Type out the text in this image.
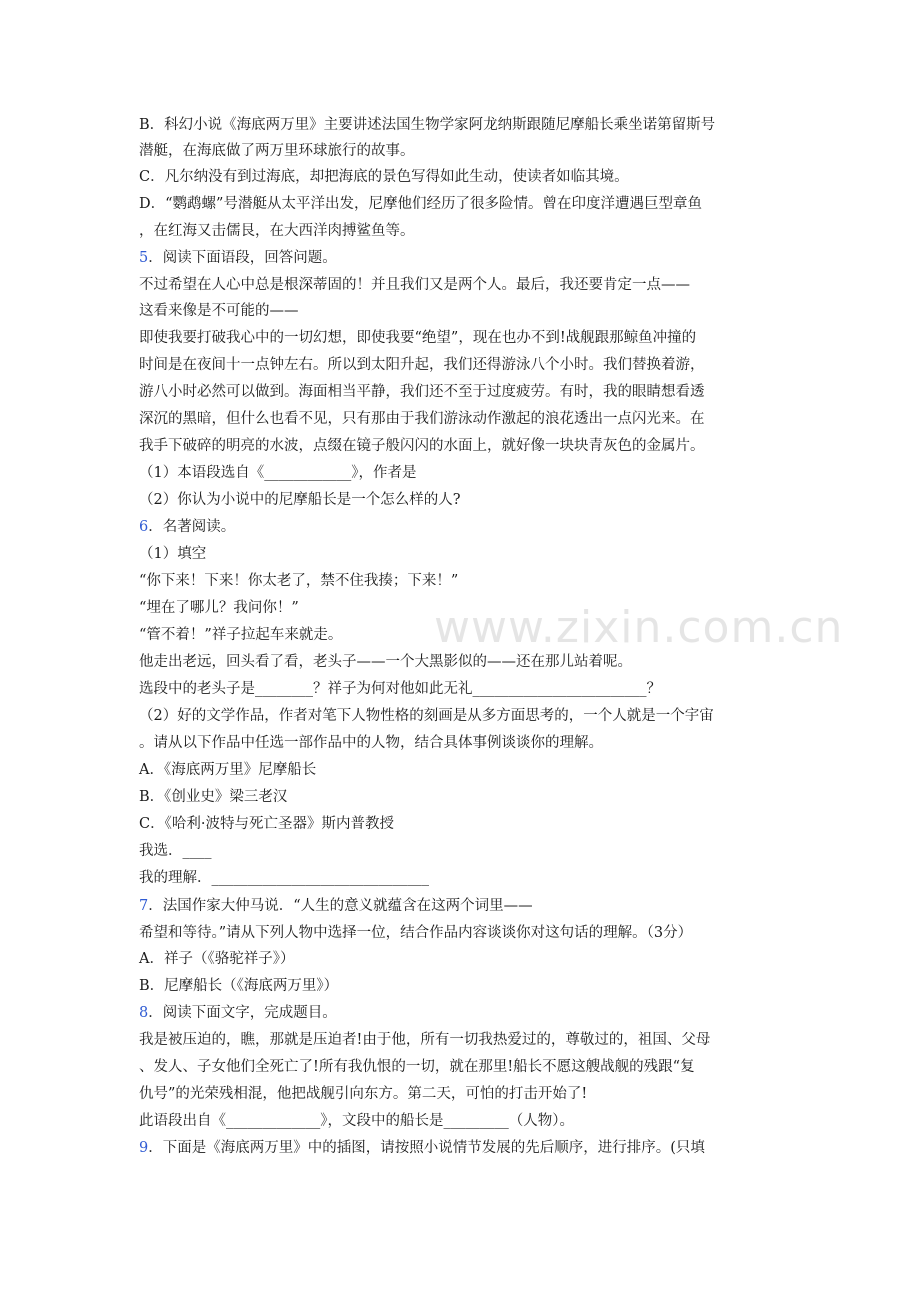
www.zixin.com.cn
B．科幻小说《海底两万里》主要讲述法国生物学家阿龙纳斯跟随尼摩船长乘坐诺第留斯号
潜艇，在海底做了两万里环球旅行的故事。
C．凡尔纳没有到过海底，却把海底的景色写得如此生动，使读者如临其境。
D．“鹦鹉螺”号潜艇从太平洋出发，尼摩他们经历了很多险情。曾在印度洋遭遇巨型章鱼
，在红海又击儒艮，在大西洋肉搏鲨鱼等。
5．阅读下面语段，回答问题。
不过希望在人心中总是根深蒂固的！并且我们又是两个人。最后，我还要肯定一点——
这看来像是不可能的——
即使我要打破我心中的一切幻想，即使我要“绝望”，现在也办不到!战舰跟那鲸鱼冲撞的
时间是在夜间十一点钟左右。所以到太阳升起，我们还得游泳八个小时。我们替换着游，
游八小时必然可以做到。海面相当平静，我们还不至于过度疲劳。有时，我的眼睛想看透
深沉的黑暗，但什么也看不见，只有那由于我们游泳动作激起的浪花透出一点闪光来。在
我手下破碎的明亮的水波，点缀在镜子般闪闪的水面上，就好像一块块青灰色的金属片。
（1）本语段选自《____________》，作者是
（2）你认为小说中的尼摩船长是一个怎么样的人?
6．名著阅读。
（1）填空
“你下来！下来！你太老了，禁不住我揍；下来！”
“埋在了哪儿？我问你！”
“管不着！”祥子拉起车来就走。
他走出老远，回头看了看，老头子——一个大黑影似的——还在那儿站着呢。
选段中的老头子是________？祥子为何对他如此无礼________________________？
（2）好的文学作品，作者对笔下人物性格的刻画是从多方面思考的，一个人就是一个宇宙
。请从以下作品中任选一部作品中的人物，结合具体事例谈谈你的理解。
A．《海底两万里》尼摩船长
B．《创业史》梁三老汉
C．《哈利·波特与死亡圣器》斯内普教授
我选．____
我的理解．______________________________
7．法国作家大仲马说．“人生的意义就蕴含在这两个词里——
希望和等待。”请从下列人物中选择一位，结合作品内容谈谈你对这句话的理解。（3分）
A．祥子（《骆驼祥子》）
B．尼摩船长（《海底两万里》）
8．阅读下面文字，完成题目。
我是被压迫的，瞧，那就是压迫者!由于他，所有一切我热爱过的，尊敬过的，祖国、父母
、发人、子女他们全死亡了!所有我仇恨的一切，就在那里!船长不愿这艘战舰的残跟“复
仇号”的光荣残相混，他把战舰引向东方。第二天，可怕的打击开始了!
此语段出自《_____________》，文段中的船长是_________（人物）。
9．下面是《海底两万里》中的插图，请按照小说情节发展的先后顺序，进行排序。(只填
